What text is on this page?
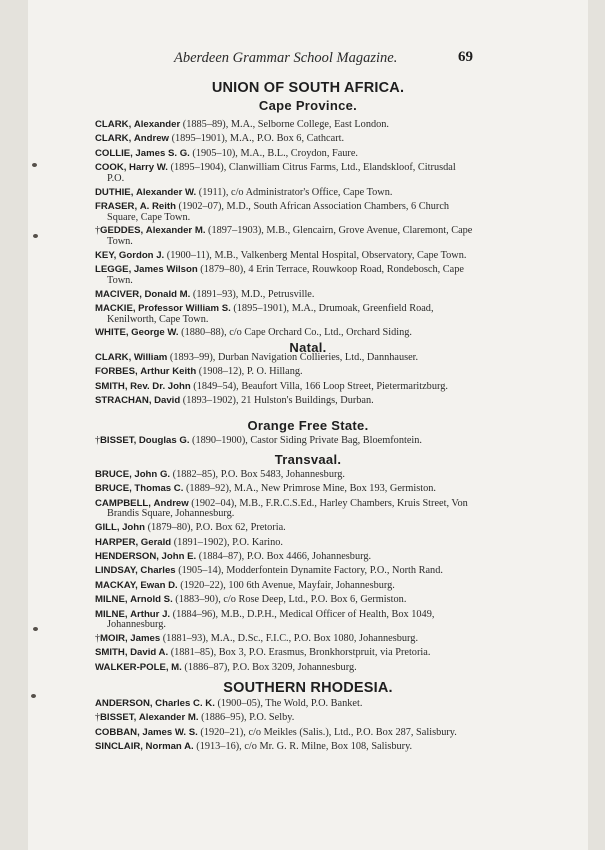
Aberdeen Grammar School Magazine.	69
UNION OF SOUTH AFRICA.
Cape Province.

CLARK, Alexander (1885–89), M.A., Selborne College, East London.

CLARK, Andrew (1895–1901), M.A., P.O. Box 6, Cathcart.

COLLIE, James S. G. (1905–10), M.A., B.L., Croydon, Faure.

COOK, Harry W. (1895–1904), Clanwilliam Citrus Farms, Ltd., Elandskloof, Citrusdal P.O.

DUTHIE, Alexander W. (1911), c/o Administrator's Office, Cape Town.

FRASER, A. Reith (1902–07), M.D., South African Association Chambers, 6 Church Square, Cape Town.

†GEDDES, Alexander M. (1897–1903), M.B., Glencairn, Grove Avenue, Claremont, Cape Town.

KEY, Gordon J. (1900–11), M.B., Valkenberg Mental Hospital, Observatory, Cape Town.

LEGGE, James Wilson (1879–80), 4 Erin Terrace, Rouwkoop Road, Rondebosch, Cape Town.

MACIVER, Donald M. (1891–93), M.D., Petrusville.

MACKIE, Professor William S. (1895–1901), M.A., Drumoak, Greenfield Road, Kenilworth, Cape Town.

WHITE, George W. (1880–88), c/o Cape Orchard Co., Ltd., Orchard Siding.

Natal.

CLARK, William (1893–99), Durban Navigation Collieries, Ltd., Dannhauser.

FORBES, Arthur Keith (1908–12), P. O. Hillang.

SMITH, Rev. Dr. John (1849–54), Beaufort Villa, 166 Loop Street, Pietermaritzburg.

STRACHAN, David (1893–1902), 21 Hulston's Buildings, Durban.

Orange Free State.

†BISSET, Douglas G. (1890–1900), Castor Siding Private Bag, Bloemfontein.

Transvaal.

BRUCE, John G. (1882–85), P.O. Box 5483, Johannesburg.

BRUCE, Thomas C. (1889–92), M.A., New Primrose Mine, Box 193, Germiston.

CAMPBELL, Andrew (1902–04), M.B., F.R.C.S.Ed., Harley Chambers, Kruis Street, Von Brandis Square, Johannesburg.

GILL, John (1879–80), P.O. Box 62, Pretoria.

HARPER, Gerald (1891–1902), P.O. Karino.

HENDERSON, John E. (1884–87), P.O. Box 4466, Johannesburg.

LINDSAY, Charles (1905–14), Modderfontein Dynamite Factory, P.O., North Rand.

MACKAY, Ewan D. (1920–22), 100 6th Avenue, Mayfair, Johannesburg.

MILNE, Arnold S. (1883–90), c/o Rose Deep, Ltd., P.O. Box 6, Germiston.

MILNE, Arthur J. (1884–96), M.B., D.P.H., Medical Officer of Health, Box 1049, Johannesburg.

†MOIR, James (1881–93), M.A., D.Sc., F.I.C., P.O. Box 1080, Johannesburg.

SMITH, David A. (1881–85), Box 3, P.O. Erasmus, Bronkhorstpruit, via Pretoria.

WALKER-POLE, M. (1886–87), P.O. Box 3209, Johannesburg.

SOUTHERN RHODESIA.

ANDERSON, Charles C. K. (1900–05), The Wold, P.O. Banket.

†BISSET, Alexander M. (1886–95), P.O. Selby.

COBBAN, James W. S. (1920–21), c/o Meikles (Salis.), Ltd., P.O. Box 287, Salisbury.

SINCLAIR, Norman A. (1913–16), c/o Mr. G. R. Milne, Box 108, Salisbury.
